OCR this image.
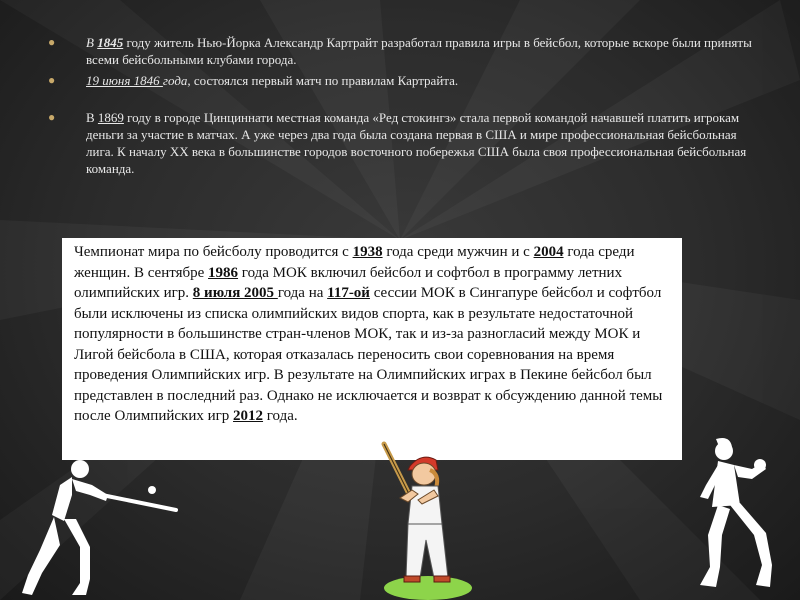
● В 1845 году житель Нью-Йорка Александр Картрайт разработал правила игры в бейсбол, которые вскоре были приняты всеми бейсбольными клубами города.
● 19 июня 1846 года, состоялся первый матч по правилам Картрайта.
● В 1869 году в городе Цинциннати местная команда «Ред стокингз» стала первой командой начавшей платить игрокам деньги за участие в матчах. А уже через два года была создана первая в США и мире профессиональная бейсбольная лига. К началу XX века в большинстве городов восточного побережья США была своя профессиональная бейсбольная команда.
Чемпионат мира по бейсболу проводится с 1938 года среди мужчин и с 2004 года среди женщин. В сентябре 1986 года МОК включил бейсбол и софтбол в программу летних олимпийских игр. 8 июля 2005 года на 117-ой сессии МОК в Сингапуре бейсбол и софтбол были исключены из списка олимпийских видов спорта, как в результате недостаточной популярности в большинстве стран-членов МОК, так и из-за разногласий между МОК и Лигой бейсбола в США, которая отказалась переносить свои соревнования на время проведения Олимпийских игр. В результате на Олимпийских играх в Пекине бейсбол был представлен в последний раз. Однако не исключается и возврат к обсуждению данной темы после Олимпийских игр 2012 года.
